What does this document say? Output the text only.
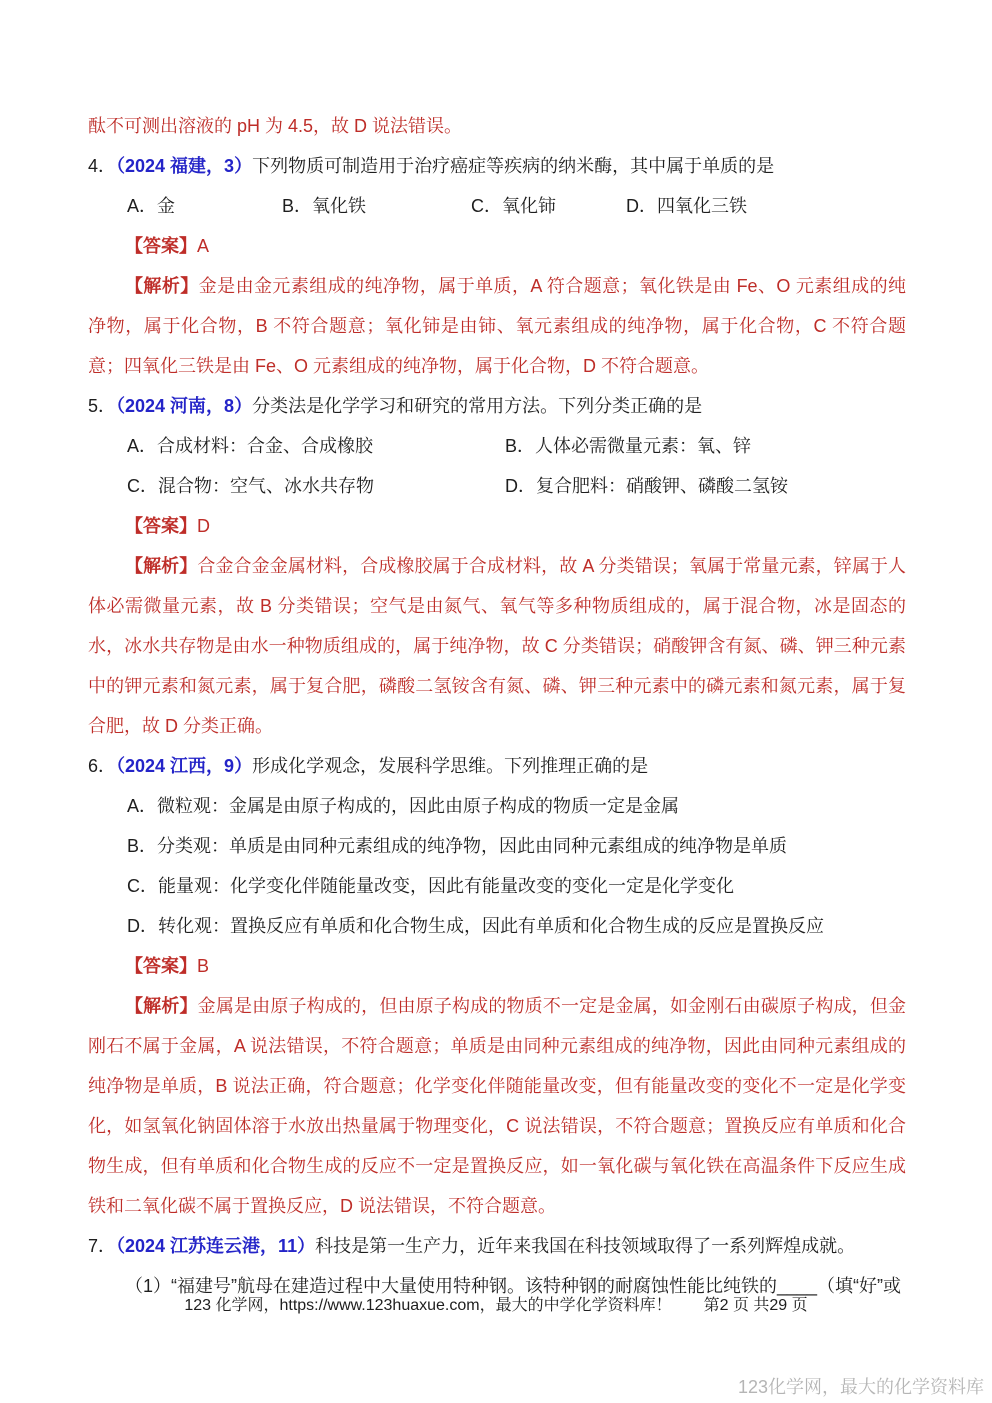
酞不可测出溶液的 pH 为 4.5，故 D 说法错误。

4．（2024 福建，3）下列物质可制造用于治疗癌症等疾病的纳米酶，其中属于单质的是
A．金	B．氧化铁	C．氧化铈	D．四氧化三铁
【答案】A

【解析】金是由金元素组成的纯净物，属于单质，A 符合题意；氧化铁是由 Fe、O 元素组成的纯净物，属于化合物，B 不符合题意；氧化铈是由铈、氧元素组成的纯净物，属于化合物，C 不符合题意；四氧化三铁是由 Fe、O 元素组成的纯净物，属于化合物，D 不符合题意。

5．（2024 河南，8）分类法是化学学习和研究的常用方法。下列分类正确的是
A．合成材料：合金、合成橡胶	B．人体必需微量元素：氧、锌
C．混合物：空气、冰水共存物	D．复合肥料：硝酸钾、磷酸二氢铵
【答案】D

【解析】合金合金金属材料，合成橡胶属于合成材料，故 A 分类错误；氧属于常量元素，锌属于人体必需微量元素，故 B 分类错误；空气是由氮气、氧气等多种物质组成的，属于混合物，冰是固态的水，冰水共存物是由水一种物质组成的，属于纯净物，故 C 分类错误；硝酸钾含有氮、磷、钾三种元素中的钾元素和氮元素，属于复合肥，磷酸二氢铵含有氮、磷、钾三种元素中的磷元素和氮元素，属于复合肥，故 D 分类正确。

6．（2024 江西，9）形成化学观念，发展科学思维。下列推理正确的是
A．微粒观：金属是由原子构成的，因此由原子构成的物质一定是金属
B．分类观：单质是由同种元素组成的纯净物，因此由同种元素组成的纯净物是单质
C．能量观：化学变化伴随能量改变，因此有能量改变的变化一定是化学变化
D．转化观：置换反应有单质和化合物生成，因此有单质和化合物生成的反应是置换反应
【答案】B

【解析】金属是由原子构成的，但由原子构成的物质不一定是金属，如金刚石由碳原子构成，但金刚石不属于金属，A 说法错误，不符合题意；单质是由同种元素组成的纯净物，因此由同种元素组成的纯净物是单质，B 说法正确，符合题意；化学变化伴随能量改变，但有能量改变的变化不一定是化学变化，如氢氧化钠固体溶于水放出热量属于物理变化，C 说法错误，不符合题意；置换反应有单质和化合物生成，但有单质和化合物生成的反应不一定是置换反应，如一氧化碳与氧化铁在高温条件下反应生成铁和二氧化碳不属于置换反应，D 说法错误，不符合题意。

7．（2024 江苏连云港，11）科技是第一生产力，近年来我国在科技领域取得了一系列辉煌成就。

（1）“福建号”航母在建造过程中大量使用特种钢。该特种钢的耐腐蚀性能比纯铁的____（填“好”或

123 化学网，https://www.123huaxue.com，最大的中学化学资料库！　　第2 页 共29 页
123化学网，最大的化学资料库
